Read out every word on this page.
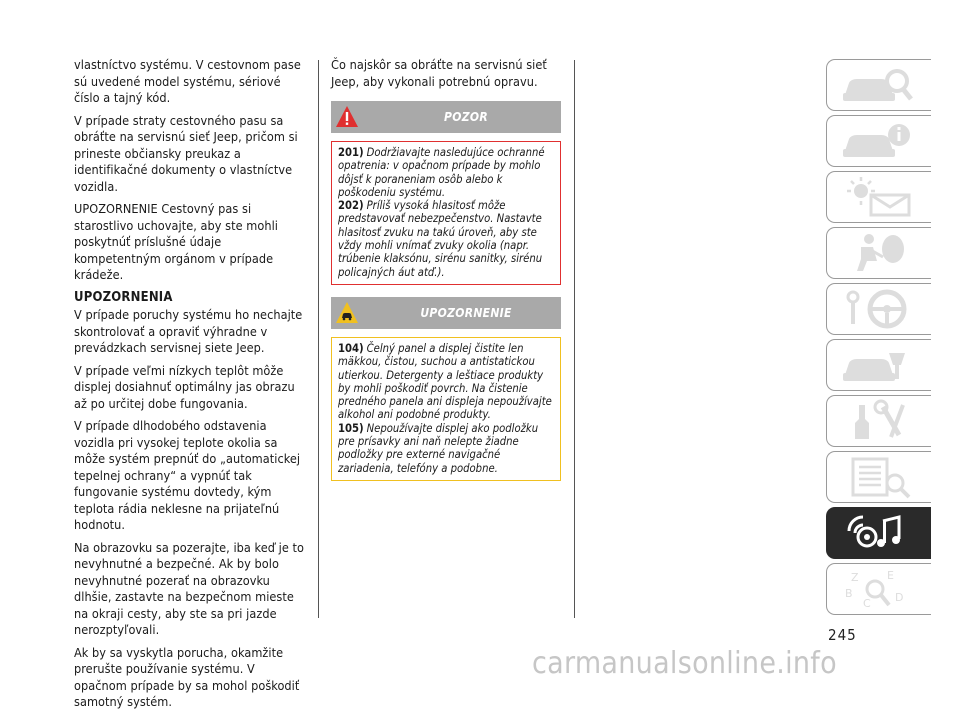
vlastníctvo systému. V cestovnom pase sú uvedené model systému, sériové číslo a tajný kód.

V prípade straty cestovného pasu sa obráťte na servisnú sieť Jeep, pričom si prineste občiansky preukaz a identifikačné dokumenty o vlastníctve vozidla.

UPOZORNENIE Cestovný pas si starostlivo uchovajte, aby ste mohli poskytnúť príslušné údaje kompetentným orgánom v prípade krádeže.

UPOZORNENIA

V prípade poruchy systému ho nechajte skontrolovať a opraviť výhradne v prevádzkach servisnej siete Jeep.

V prípade veľmi nízkych teplôt môže displej dosiahnuť optimálny jas obrazu až po určitej dobe fungovania.

V prípade dlhodobého odstavenia vozidla pri vysokej teplote okolia sa môže systém prepnúť do „automatickej tepelnej ochrany“ a vypnúť tak fungovanie systému dovtedy, kým teplota rádia neklesne na prijateľnú hodnotu.

Na obrazovku sa pozerajte, iba keď je to nevyhnutné a bezpečné. Ak by bolo nevyhnutné pozerať na obrazovku dlhšie, zastavte na bezpečnom mieste na okraji cesty, aby ste sa pri jazde nerozptyľovali.

Ak by sa vyskytla porucha, okamžite prerušte používanie systému. V opačnom prípade by sa mohol poškodiť samotný systém.

Čo najskôr sa obráťte na servisnú sieť Jeep, aby vykonali potrebnú opravu.

POZOR

201) Dodržiavajte nasledujúce ochranné opatrenia: v opačnom prípade by mohlo dôjsť k poraneniam osôb alebo k poškodeniu systému.

202) Príliš vysoká hlasitosť môže predstavovať nebezpečenstvo. Nastavte hlasitosť zvuku na takú úroveň, aby ste vždy mohli vnímať zvuky okolia (napr. trúbenie klaksónu, sirénu sanitky, sirénu policajných áut atď.).

UPOZORNENIE

104) Čelný panel a displej čistite len mäkkou, čistou, suchou a antistatickou utierkou. Detergenty a leštiace produkty by mohli poškodiť povrch. Na čistenie predného panela ani displeja nepoužívajte alkohol ani podobné produkty.

105) Nepoužívajte displej ako podložku pre prísavky ani naň nelepte žiadne podložky pre externé navigačné zariadenia, telefóny a podobne.

Z	E
B
C D
245
carmanualsonline.info
